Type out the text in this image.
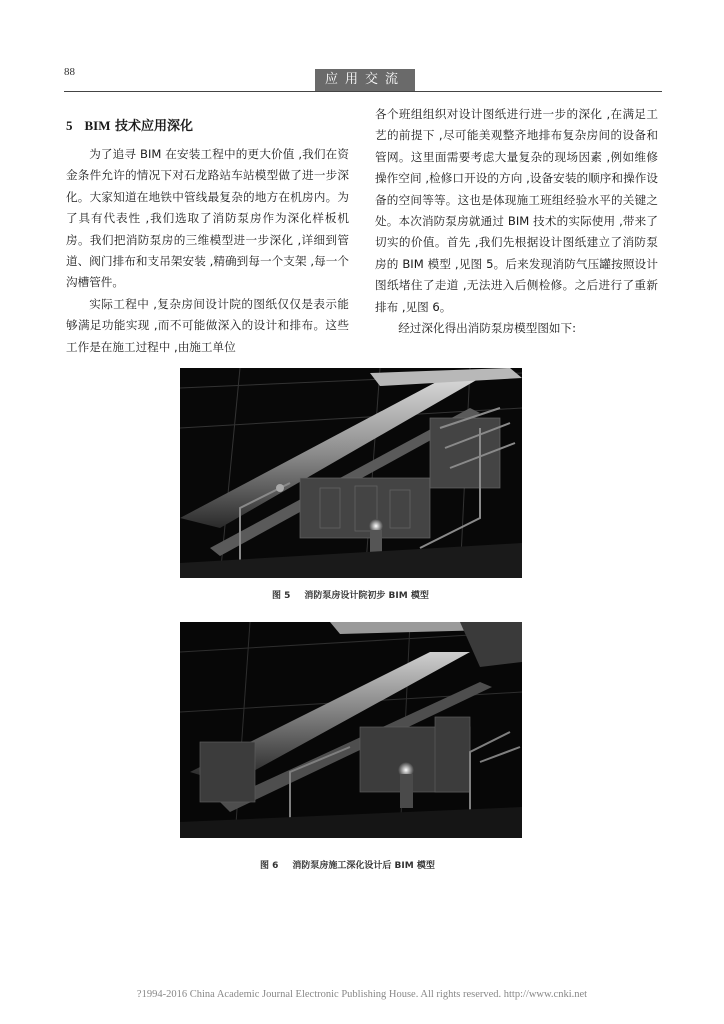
88	应用交流
5 BIM 技术应用深化

为了追寻 BIM 在安装工程中的更大价值 ,我们在资金条件允许的情况下对石龙路站车站模型做了进一步深化。大家知道在地铁中管线最复杂的地方在机房内。为了具有代表性 ,我们选取了消防泵房作为深化样板机房。我们把消防泵房的三维模型进一步深化 ,详细到管道、阀门排布和支吊架安装 ,精确到每一个支架 ,每一个沟槽管件。

实际工程中 ,复杂房间设计院的图纸仅仅是表示能够满足功能实现 ,而不可能做深入的设计和排布。这些工作是在施工过程中 ,由施工单位

各个班组组织对设计图纸进行进一步的深化 ,在满足工艺的前提下 ,尽可能美观整齐地排布复杂房间的设备和管网。这里面需要考虑大量复杂的现场因素 ,例如维修操作空间 ,检修口开设的方向 ,设备安装的顺序和操作设备的空间等等。这也是体现施工班组经验水平的关键之处。本次消防泵房就通过 BIM 技术的实际使用 ,带来了切实的价值。首先 ,我们先根据设计图纸建立了消防泵房的 BIM 模型 ,见图 5。后来发现消防气压罐按照设计图纸堵住了走道 ,无法进入后侧检修。之后进行了重新排布 ,见图 6。

经过深化得出消防泵房模型图如下:

图 5 消防泵房设计院初步 BIM 模型
图 6 消防泵房施工深化设计后 BIM 模型
?1994-2016 China Academic Journal Electronic Publishing House. All rights reserved. http://www.cnki.net
